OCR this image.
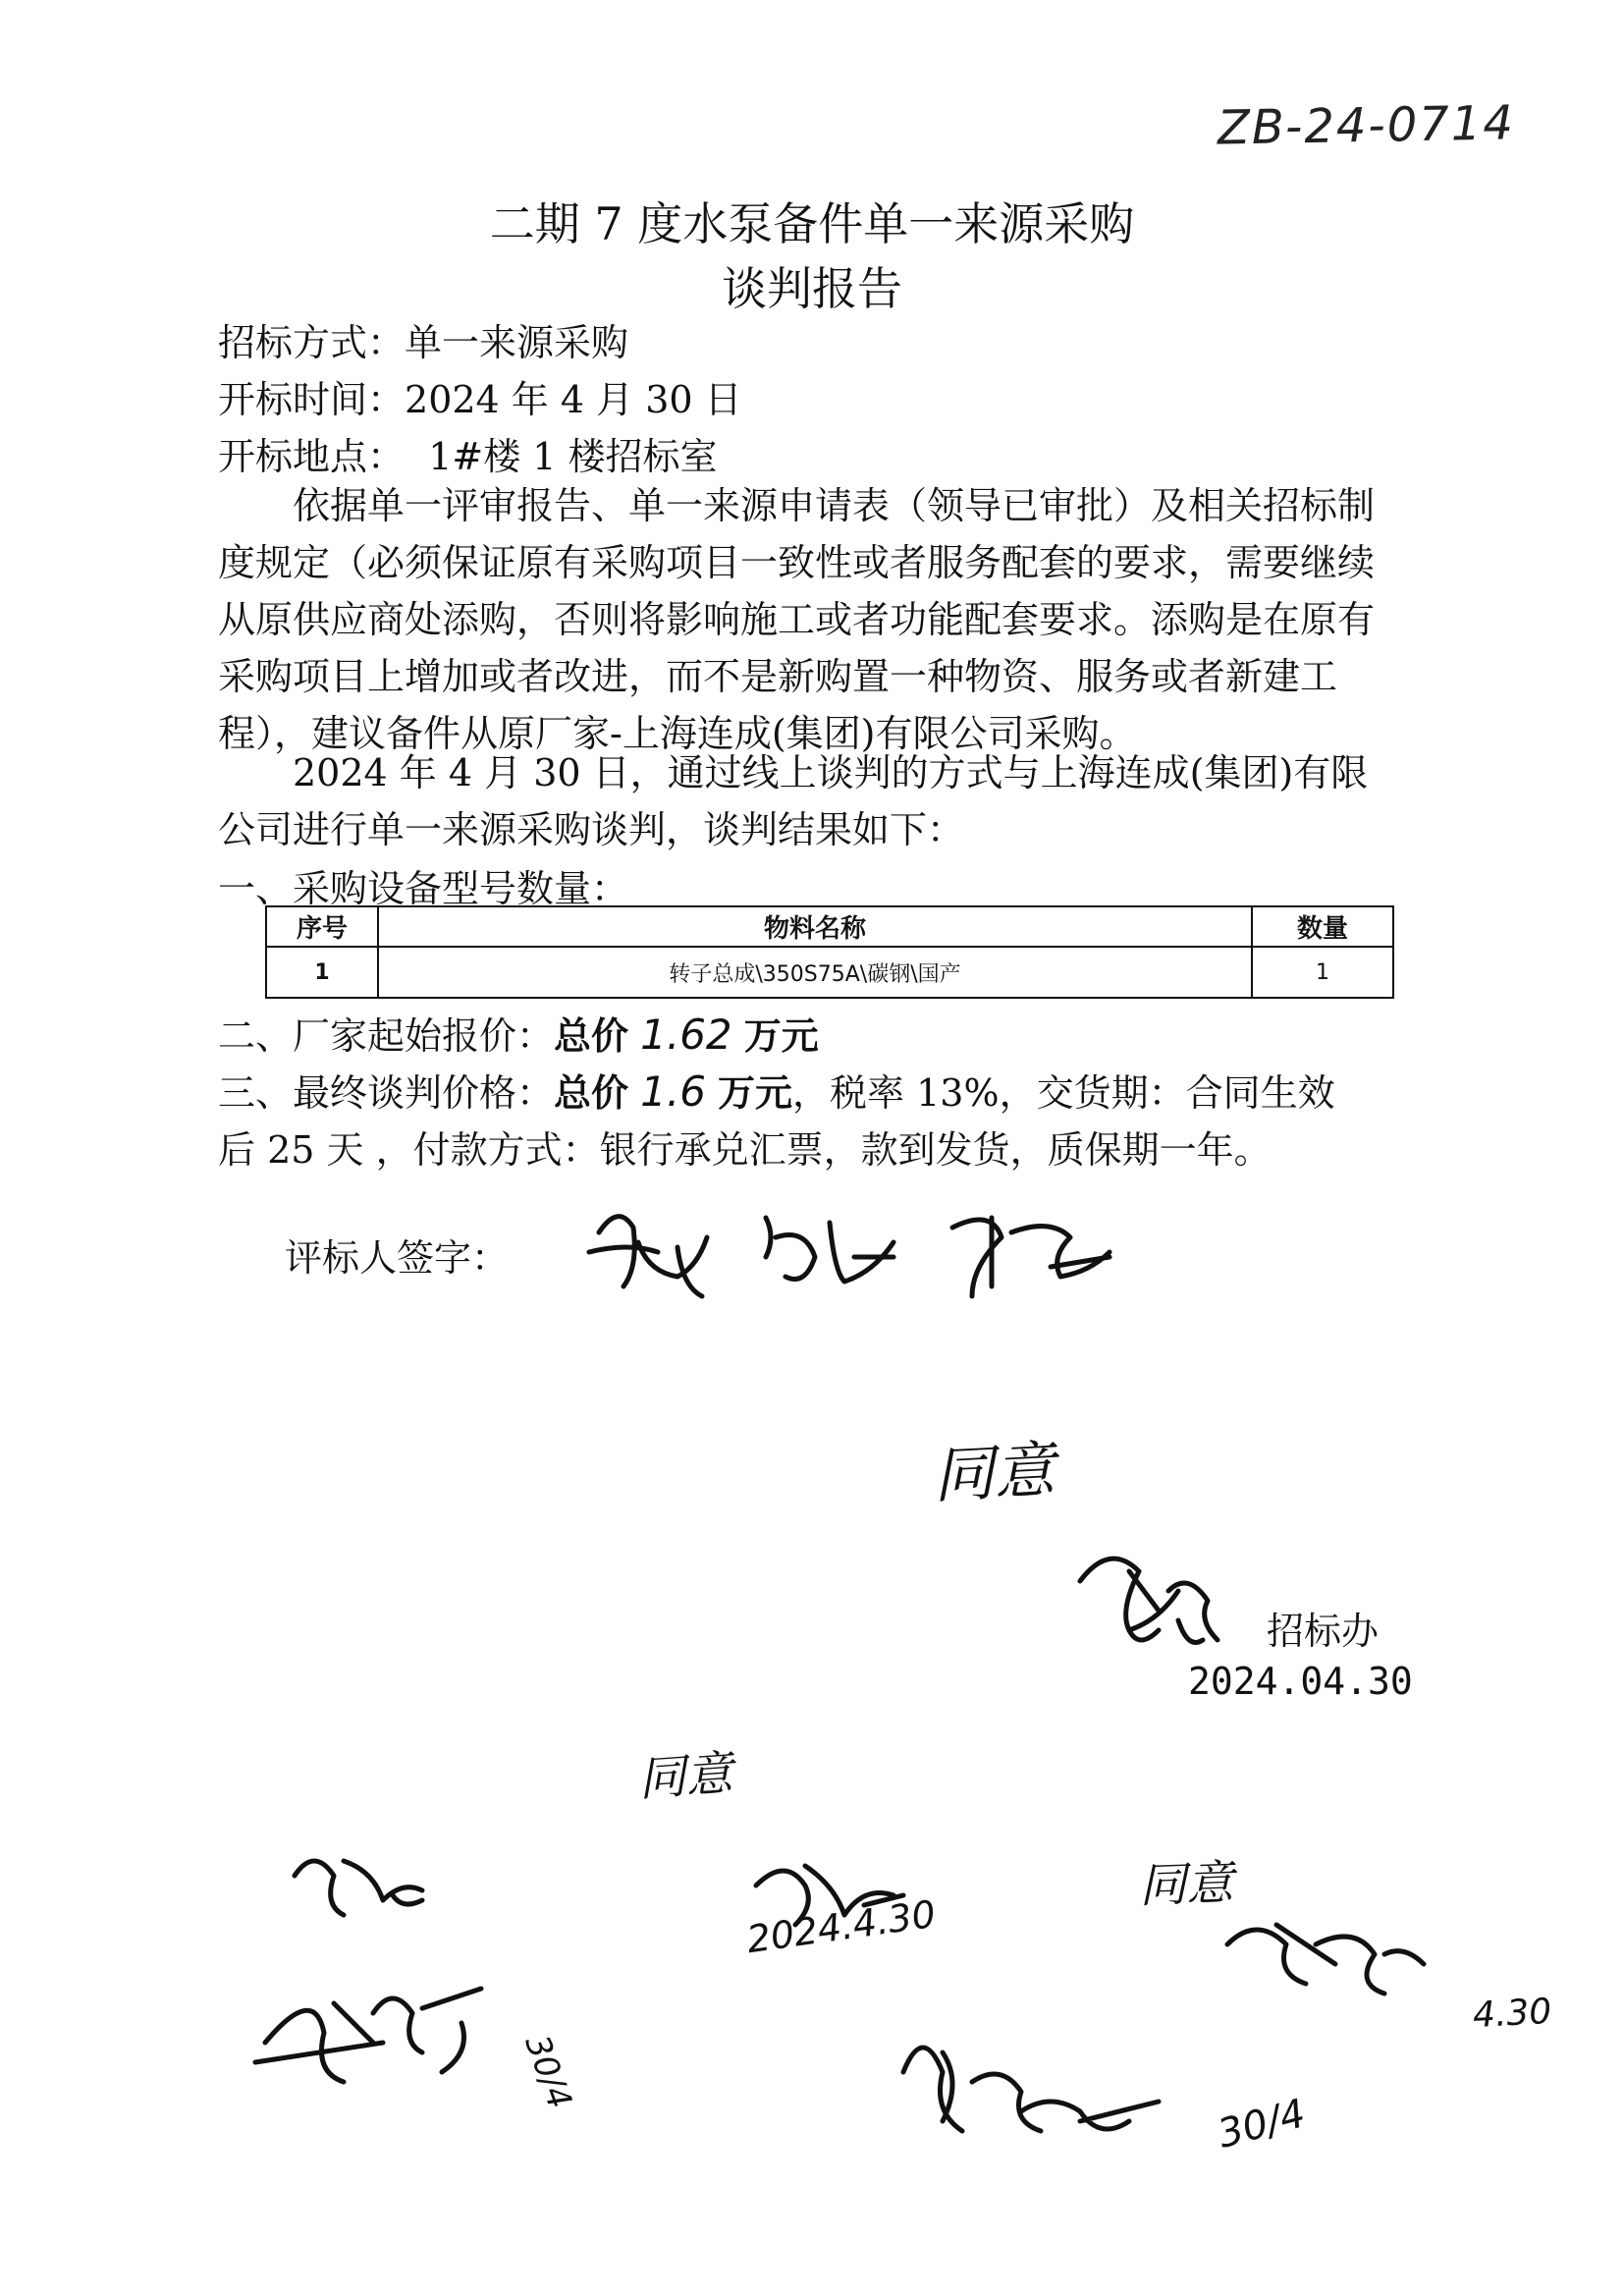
ZB-24-0714
二期 7 度水泵备件单一来源采购
谈判报告
招标方式：单一来源采购
开标时间：2024 年 4 月 30 日
开标地点： 1#楼 1 楼招标室
依据单一评审报告、单一来源申请表（领导已审批）及相关招标制度规定（必须保证原有采购项目一致性或者服务配套的要求，需要继续从原供应商处添购，否则将影响施工或者功能配套要求。添购是在原有采购项目上增加或者改进，而不是新购置一种物资、服务或者新建工程），建议备件从原厂家-上海连成(集团)有限公司采购。
2024 年 4 月 30 日，通过线上谈判的方式与上海连成(集团)有限公司进行单一来源采购谈判，谈判结果如下：
一、采购设备型号数量：
序号	物料名称	数量
1	转子总成\350S75A\碳钢\国产	1
二、厂家起始报价：总价 1.62 万元
三、最终谈判价格：总价 1.6 万元，税率 13%，交货期：合同生效
后 25 天 ，付款方式：银行承兑汇票，款到发货，质保期一年。
评标人签字：
招标办
2024.04.30
同意
同意
同意
2024.4.30
4.30
30/4
30/4
